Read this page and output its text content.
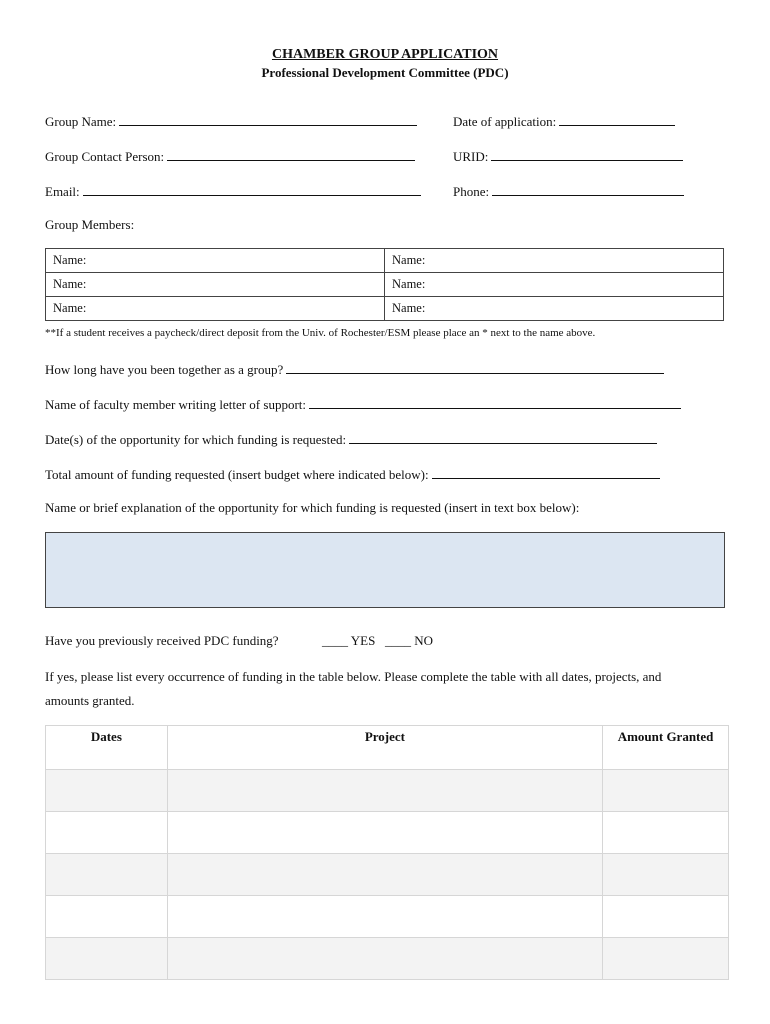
CHAMBER GROUP APPLICATION
Professional Development Committee (PDC)
Group Name:	Date of application:
Group Contact Person:	URID:
Email:	Phone:
Group Members:
Name:	Name:
Name:	Name:
Name:	Name:
**If a student receives a paycheck/direct deposit from the Univ. of Rochester/ESM please place an * next to the name above.
How long have you been together as a group?
Name of faculty member writing letter of support:
Date(s) of the opportunity for which funding is requested:
Total amount of funding requested (insert budget where indicated below):
Name or brief explanation of the opportunity for which funding is requested (insert in text box below):
Have you previously received PDC funding?	____ YES ____ NO
If yes, please list every occurrence of funding in the table below. Please complete the table with all dates, projects, and
amounts granted.
Dates	Project	Amount Granted
